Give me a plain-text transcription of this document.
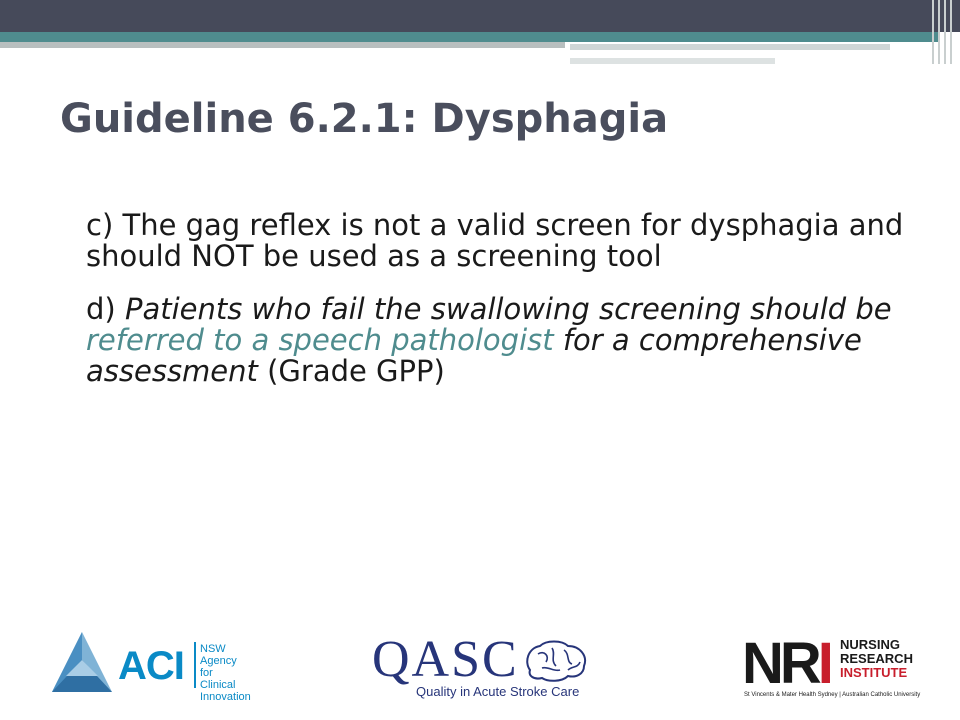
Guideline 6.2.1: Dysphagia

c) The gag reflex is not a valid screen for dysphagia and should NOT be used as a screening tool

d) Patients who fail the swallowing screening should be referred to a speech pathologist for a comprehensive assessment (Grade GPP)

ACI NSW Agency
for Clinical
Innovation
QASC
Quality in Acute Stroke Care	NRI NURSING
RESEARCH
INSTITUTE
St Vincents & Mater Health Sydney | Australian Catholic University
